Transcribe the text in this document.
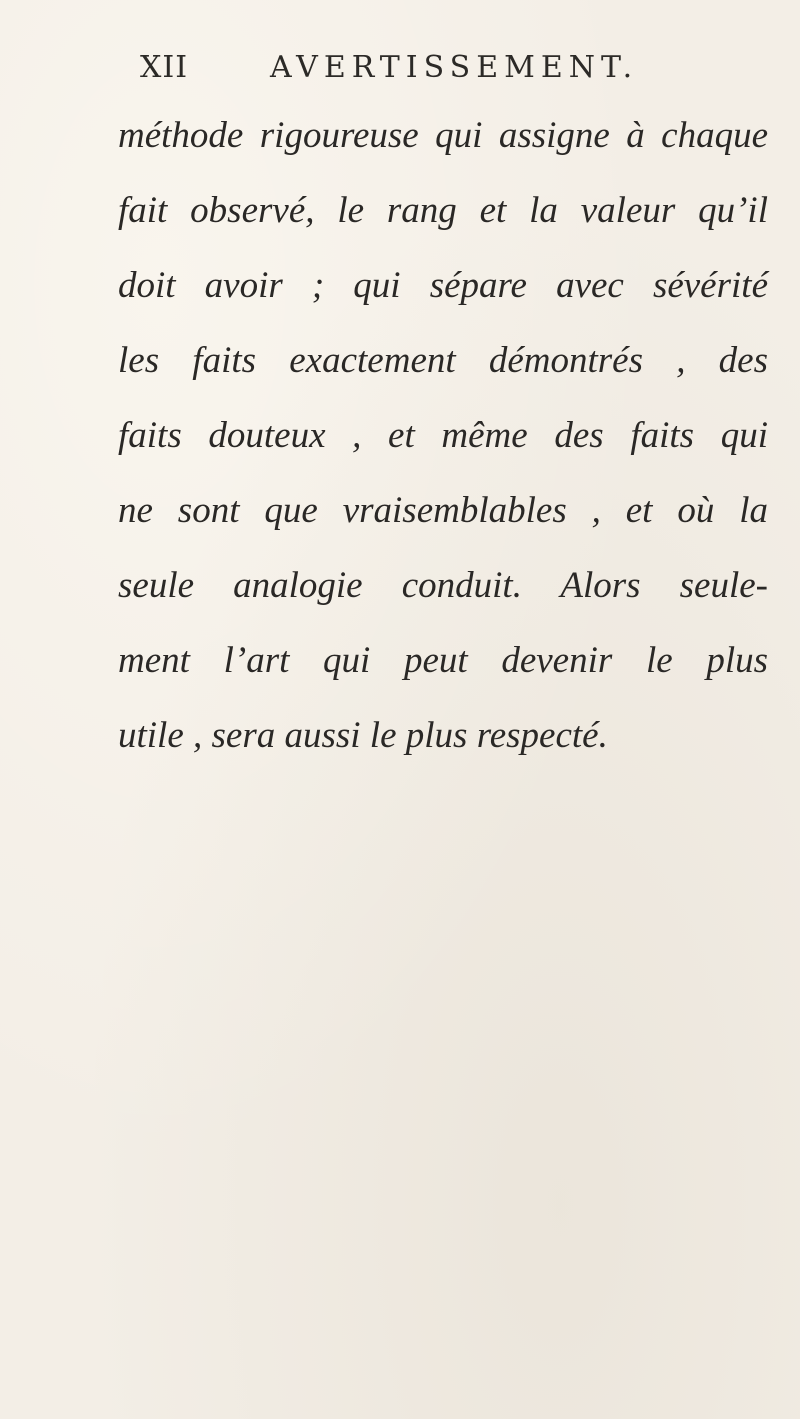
XII	AVERTISSEMENT.
méthode rigoureuse qui assigne à chaque
fait observé, le rang et la valeur qu’il
doit avoir ; qui sépare avec sévérité
les faits exactement démontrés , des
faits douteux , et même des faits qui
ne sont que vraisemblables , et où la
seule analogie conduit. Alors seule-
ment l’art qui peut devenir le plus
utile , sera aussi le plus respecté.
